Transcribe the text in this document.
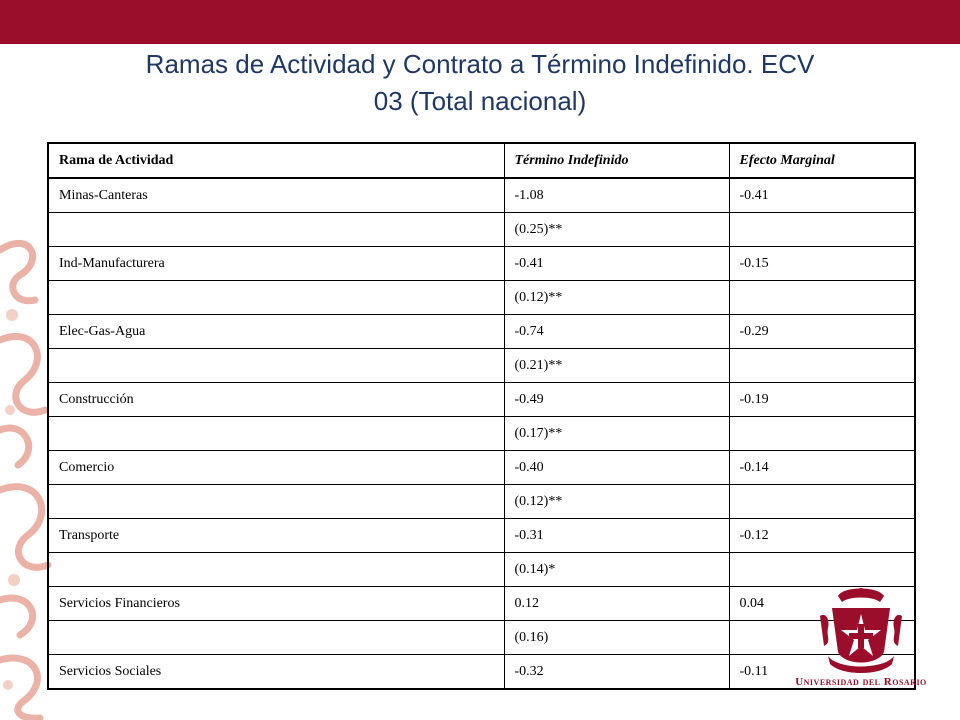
Ramas de Actividad y Contrato a Término Indefinido. ECV
03 (Total nacional)
Rama de Actividad	Término Indefinido	Efecto Marginal
Minas-Canteras	-1.08	-0.41
	(0.25)**	
Ind-Manufacturera	-0.41	-0.15
	(0.12)**	
Elec-Gas-Agua	-0.74	-0.29
	(0.21)**	
Construcción	-0.49	-0.19
	(0.17)**	
Comercio	-0.40	-0.14
	(0.12)**	
Transporte	-0.31	-0.12
	(0.14)*	
Servicios Financieros	0.12	0.04
	(0.16)	
Servicios Sociales	-0.32	-0.11
Universidad del Rosario
